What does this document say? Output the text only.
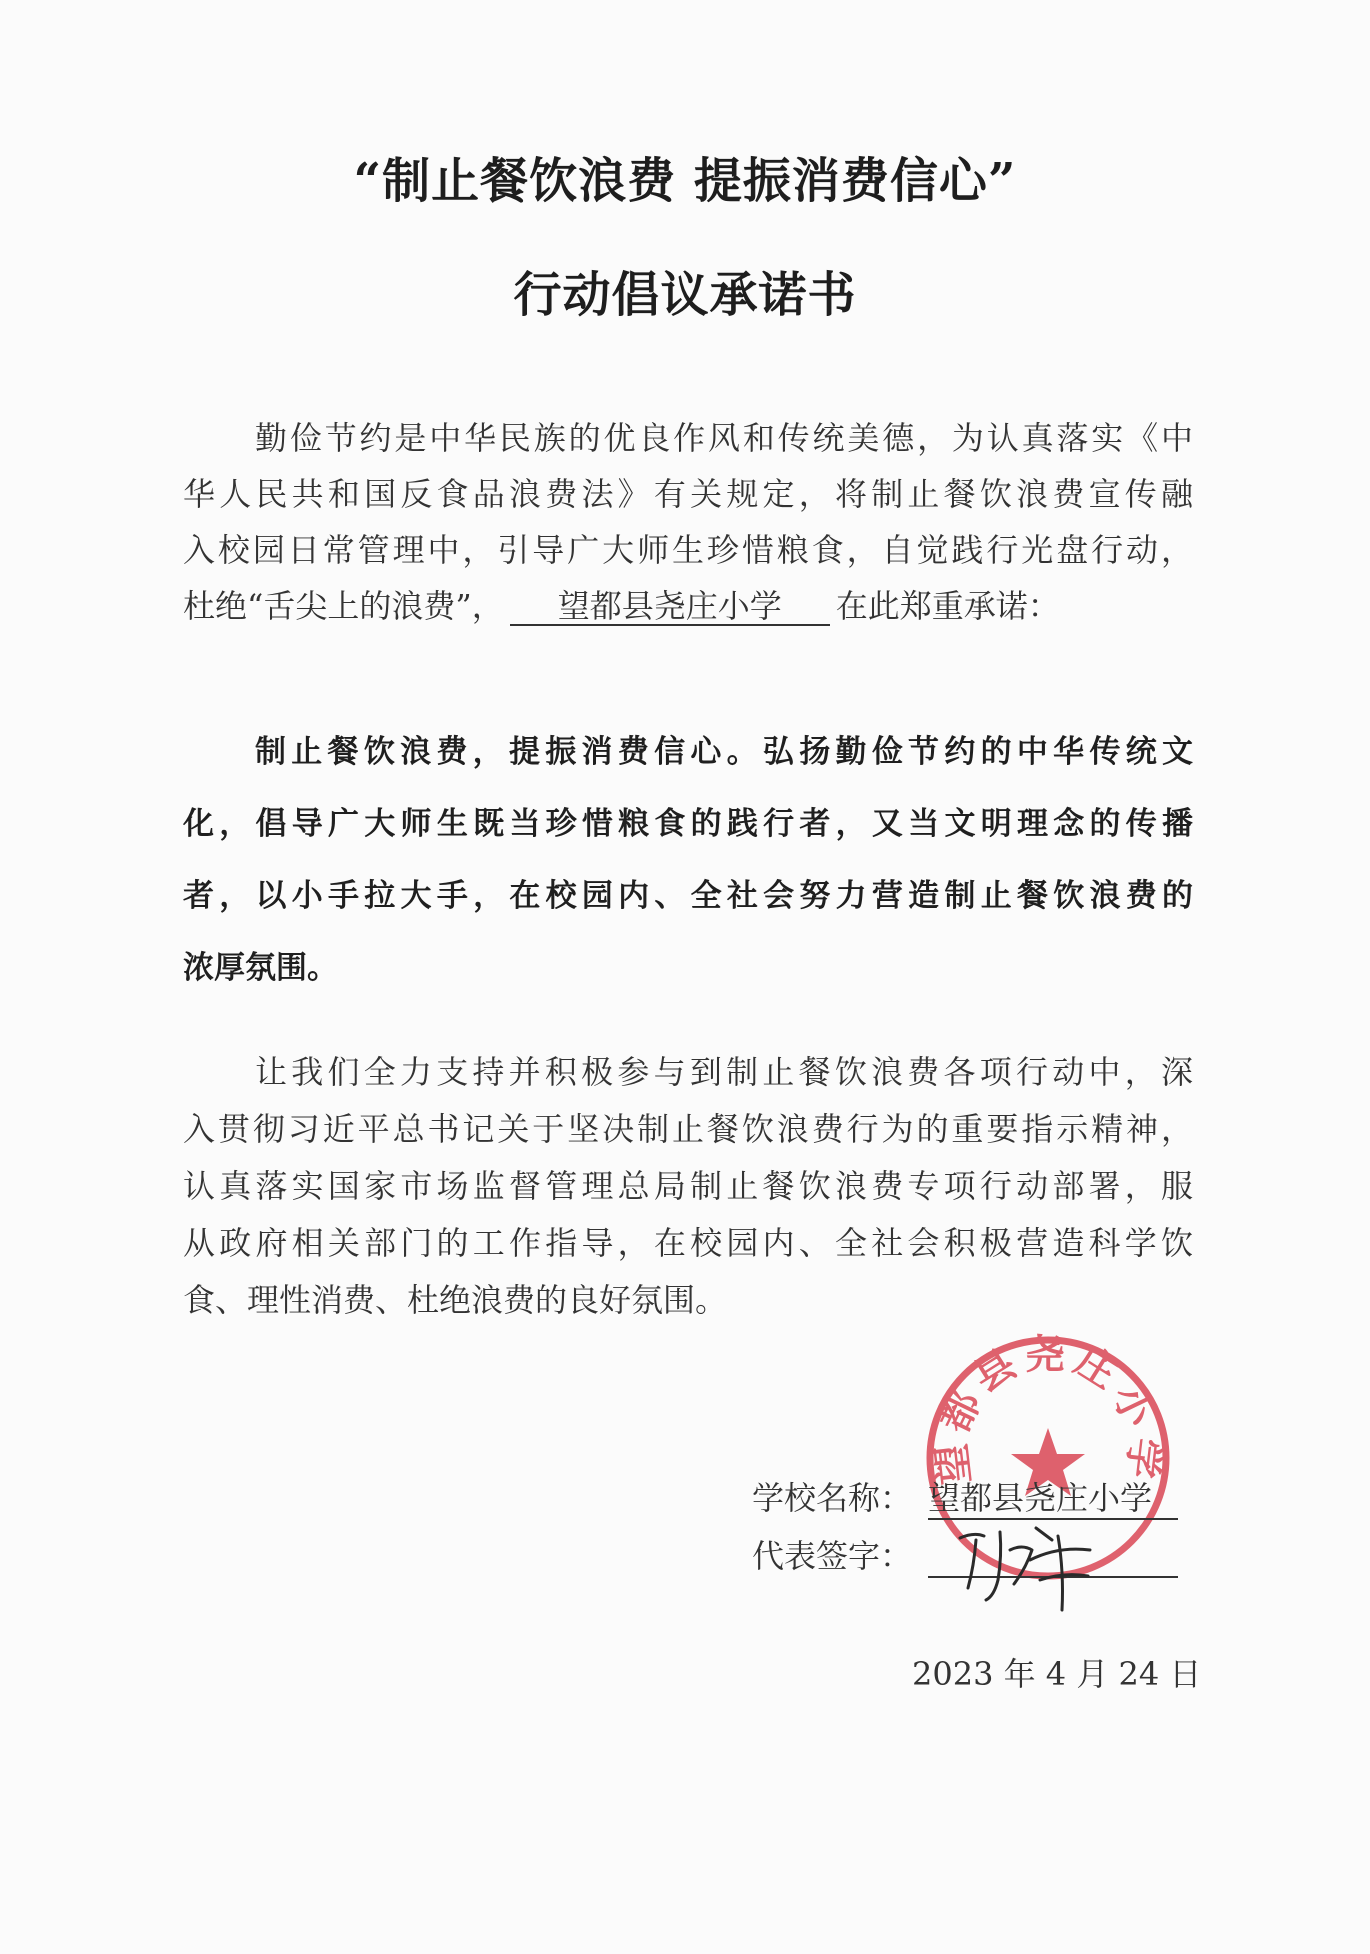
“制止餐饮浪费 提振消费信心”
行动倡议承诺书
勤俭节约是中华民族的优良作风和传统美德，为认真落实《中
华人民共和国反食品浪费法》有关规定，将制止餐饮浪费宣传融
入校园日常管理中，引导广大师生珍惜粮食，自觉践行光盘行动，
杜绝“舌尖上的浪费”， 望都县尧庄小学 在此郑重承诺：
制止餐饮浪费，提振消费信心。弘扬勤俭节约的中华传统文
化，倡导广大师生既当珍惜粮食的践行者，又当文明理念的传播
者，以小手拉大手，在校园内、全社会努力营造制止餐饮浪费的
浓厚氛围。
让我们全力支持并积极参与到制止餐饮浪费各项行动中，深
入贯彻习近平总书记关于坚决制止餐饮浪费行为的重要指示精神，
认真落实国家市场监督管理总局制止餐饮浪费专项行动部署，服
从政府相关部门的工作指导，在校园内、全社会积极营造科学饮
食、理性消费、杜绝浪费的良好氛围。
望都县尧庄小学
学校名称： 望都县尧庄小学
代表签字：

2023 年 4 月 24 日
